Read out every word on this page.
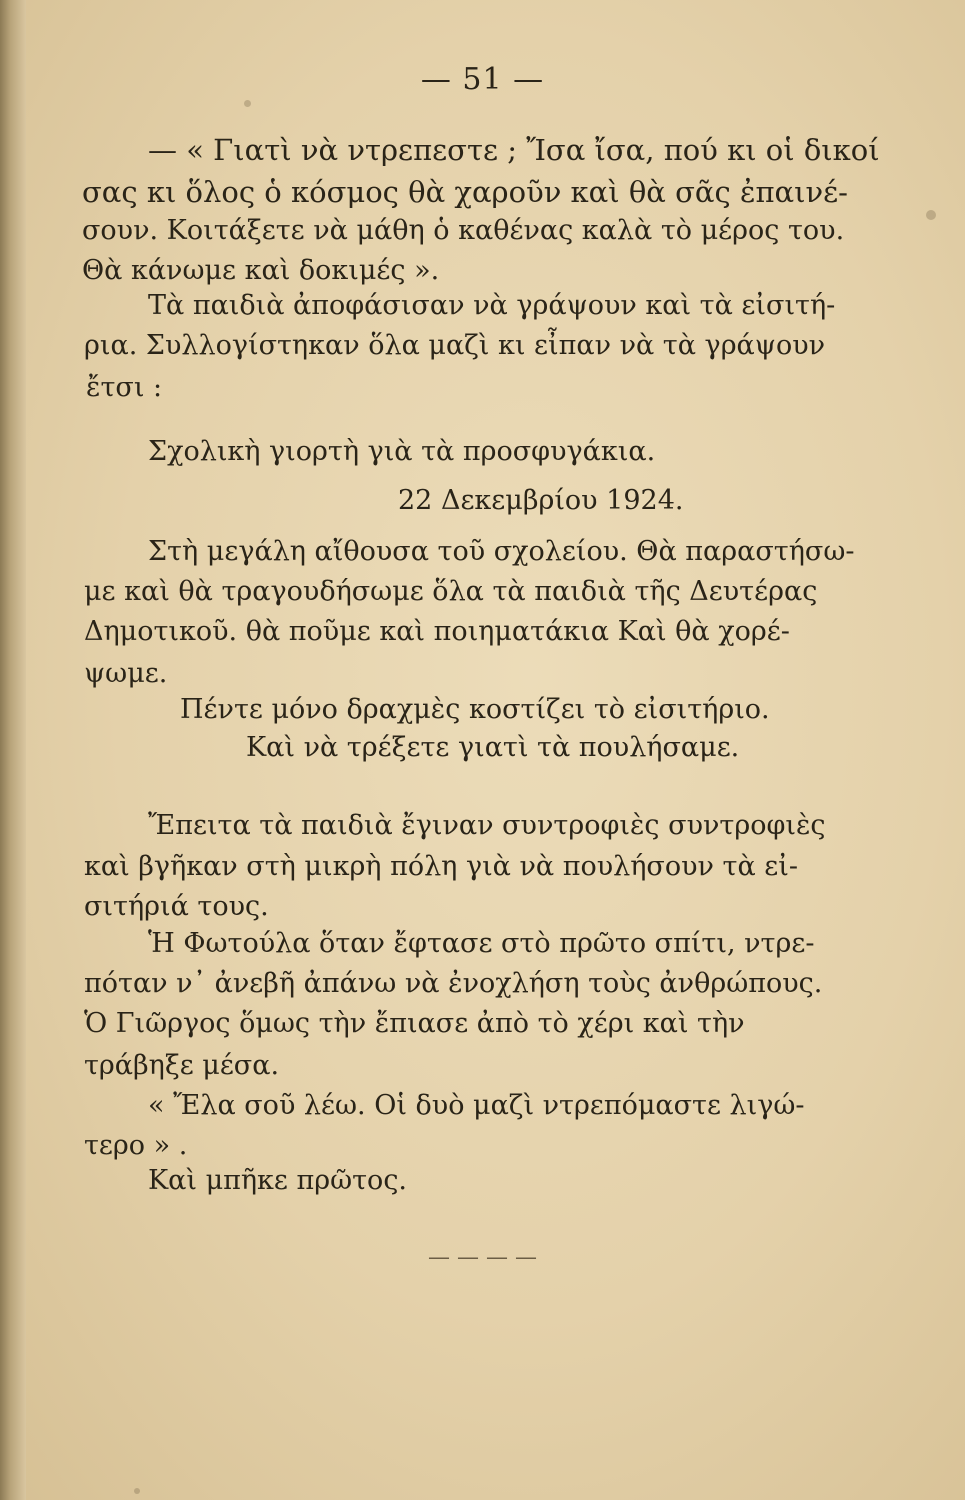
— 51 —
— « Γιατὶ νὰ ντρεπεστε ; Ἴσα ἴσα, πού κι οἱ δικοί
σας κι ὅλος ὁ κόσμος θὰ χαροῦν καὶ θὰ σᾶς ἐπαινέ-
σουν. Κοιτάξετε νὰ μάθη ὁ καθένας καλὰ τὸ μέρος του.
Θὰ κάνωμε καὶ δοκιμές ».
Τὰ παιδιὰ ἀποφάσισαν νὰ γράψουν καὶ τὰ εἰσιτή-
ρια. Συλλογίστηκαν ὅλα μαζὶ κι εἶπαν νὰ τὰ γράψουν
ἔτσι :
Σχολικὴ γιορτὴ γιὰ τὰ προσφυγάκια.
22 Δεκεμβρίου 1924.
Στὴ μεγάλη αἴθουσα τοῦ σχολείου. Θὰ παραστήσω-
με καὶ θὰ τραγουδήσωμε ὅλα τὰ παιδιὰ τῆς Δευτέρας
Δημοτικοῦ. θὰ ποῦμε καὶ ποιηματάκια Καὶ θὰ χορέ-
ψωμε.
Πέντε μόνο δραχμὲς κοστίζει τὸ εἰσιτήριο.
Καὶ νὰ τρέξετε γιατὶ τὰ πουλήσαμε.
Ἔπειτα τὰ παιδιὰ ἔγιναν συντροφιὲς συντροφιὲς
καὶ βγῆκαν στὴ μικρὴ πόλη γιὰ νὰ πουλήσουν τὰ εἰ-
σιτήριά τους.
Ἡ Φωτούλα ὅταν ἔφτασε στὸ πρῶτο σπίτι, ντρε-
πόταν ν᾿ ἀνεβῆ ἀπάνω νὰ ἐνοχλήση τοὺς ἀνθρώπους.
Ὁ Γιῶργος ὅμως τὴν ἔπιασε ἀπὸ τὸ χέρι καὶ τὴν
τράβηξε μέσα.
« Ἔλα σοῦ λέω. Οἱ δυὸ μαζὶ ντρεπόμαστε λιγώ-
τερο » .
Καὶ μπῆκε πρῶτος.
— — — —
